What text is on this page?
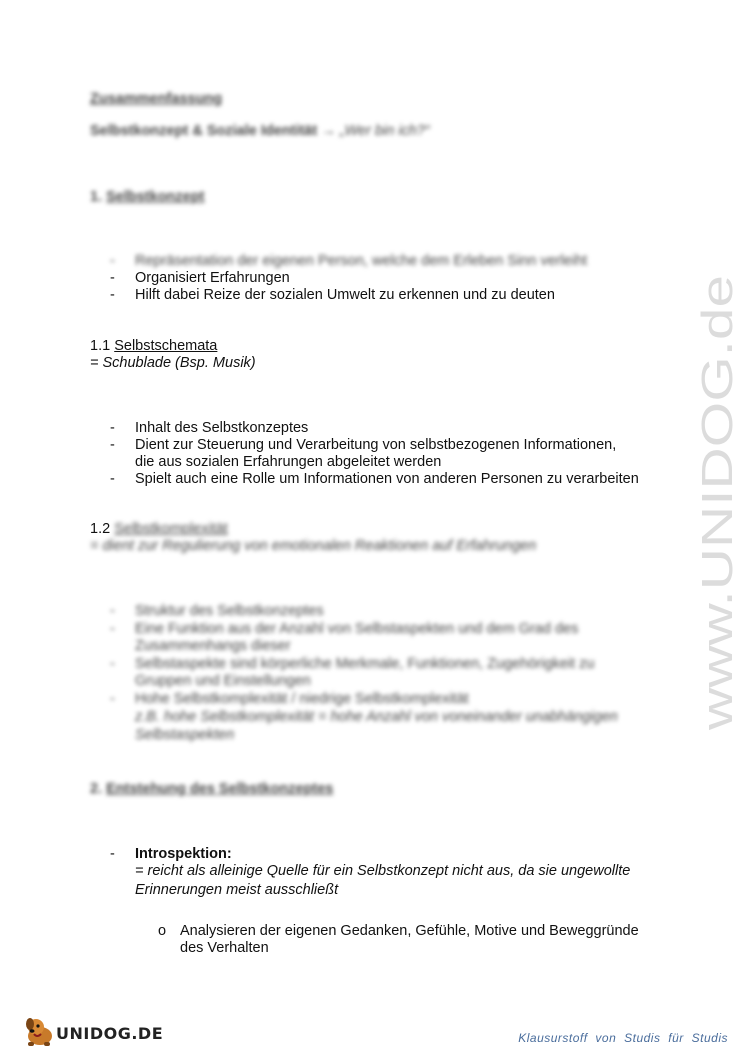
Zusammenfassung
Selbstkonzept & Soziale Identität → „Wer bin ich?“
1. Selbstkonzept
- Repräsentation der eigenen Person, welche dem Erleben Sinn verleiht
- Organisiert Erfahrungen
- Hilft dabei Reize der sozialen Umwelt zu erkennen und zu deuten
1.1 Selbstschemata
= Schublade (Bsp. Musik)
- Inhalt des Selbstkonzeptes
- Dient zur Steuerung und Verarbeitung von selbstbezogenen Informationen,
die aus sozialen Erfahrungen abgeleitet werden
- Spielt auch eine Rolle um Informationen von anderen Personen zu verarbeiten
1.2 Selbstkomplexität
= dient zur Regulierung von emotionalen Reaktionen auf Erfahrungen
- Struktur des Selbstkonzeptes
- Eine Funktion aus der Anzahl von Selbstaspekten und dem Grad des
Zusammenhangs dieser
- Selbstaspekte sind körperliche Merkmale, Funktionen, Zugehörigkeit zu
Gruppen und Einstellungen
- Hohe Selbstkomplexität / niedrige Selbstkomplexität
z.B. hohe Selbstkomplexität = hohe Anzahl von voneinander unabhängigen
Selbstaspekten
2. Entstehung des Selbstkonzeptes
- Introspektion:
= reicht als alleinige Quelle für ein Selbstkonzept nicht aus, da sie ungewollte
Erinnerungen meist ausschließt
o Analysieren der eigenen Gedanken, Gefühle, Motive und Beweggründe
des Verhalten
www.UNIDOG.de
UNIDOG.DE	Klausurstoff von Studis für Studis
